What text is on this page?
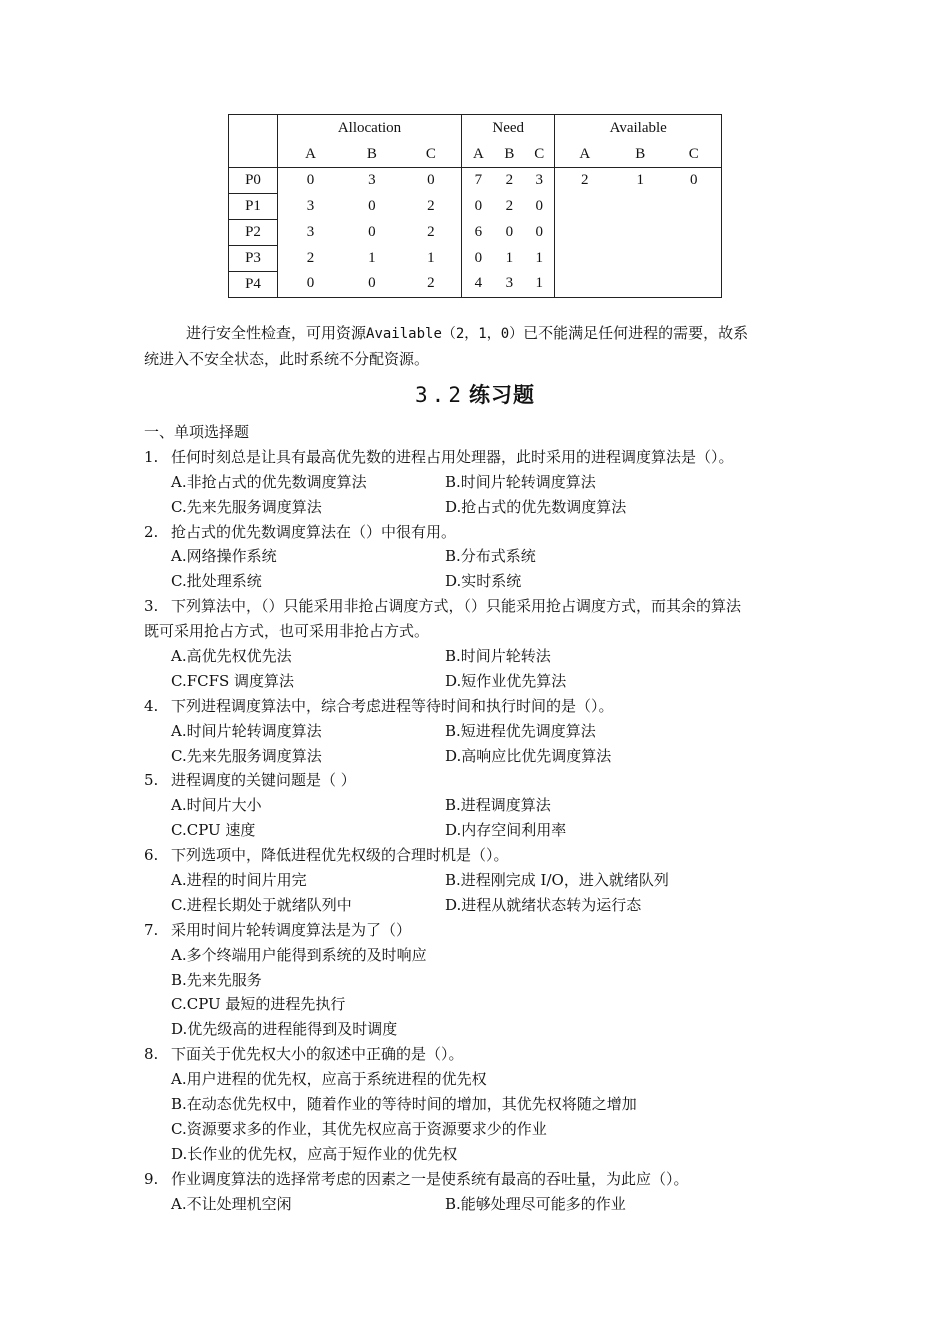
	Allocation			Need			Available		
	A	B	C	A	B	C	A	B	C
P0	0	3	0	7	2	3	2	1	0
P1	3	0	2	0	2	0			
P2	3	0	2	6	0	0			
P3	2	1	1	0	1	1			
P4	0	0	2	4	3	1			
进行安全性检查，可用资源Available（2，1，0）已不能满足任何进程的需要，故系
统进入不安全状态，此时系统不分配资源。
3.2 练习题
一、单项选择题
1. 任何时刻总是让具有最高优先数的进程占用处理器，此时采用的进程调度算法是（）。
A.非抢占式的优先数调度算法	B.时间片轮转调度算法
C.先来先服务调度算法	D.抢占式的优先数调度算法
2. 抢占式的优先数调度算法在（）中很有用。
A.网络操作系统	B.分布式系统
C.批处理系统	D.实时系统
3. 下列算法中，（）只能采用非抢占调度方式，（）只能采用抢占调度方式，而其余的算法
既可采用抢占方式，也可采用非抢占方式。
A.高优先权优先法	B.时间片轮转法
C.FCFS 调度算法	D.短作业优先算法
4. 下列进程调度算法中，综合考虑进程等待时间和执行时间的是（）。
A.时间片轮转调度算法	B.短进程优先调度算法
C.先来先服务调度算法	D.高响应比优先调度算法
5. 进程调度的关键问题是（ ）
A.时间片大小	B.进程调度算法
C.CPU 速度	D.内存空间利用率
6. 下列选项中，降低进程优先权级的合理时机是（）。
A.进程的时间片用完	B.进程刚完成 I/O，进入就绪队列
C.进程长期处于就绪队列中	D.进程从就绪状态转为运行态
7. 采用时间片轮转调度算法是为了（）
A.多个终端用户能得到系统的及时响应
B.先来先服务
C.CPU 最短的进程先执行
D.优先级高的进程能得到及时调度
8. 下面关于优先权大小的叙述中正确的是（）。
A.用户进程的优先权，应高于系统进程的优先权
B.在动态优先权中，随着作业的等待时间的增加，其优先权将随之增加
C.资源要求多的作业，其优先权应高于资源要求少的作业
D.长作业的优先权，应高于短作业的优先权
9. 作业调度算法的选择常考虑的因素之一是使系统有最高的吞吐量，为此应（）。
A.不让处理机空闲	B.能够处理尽可能多的作业
